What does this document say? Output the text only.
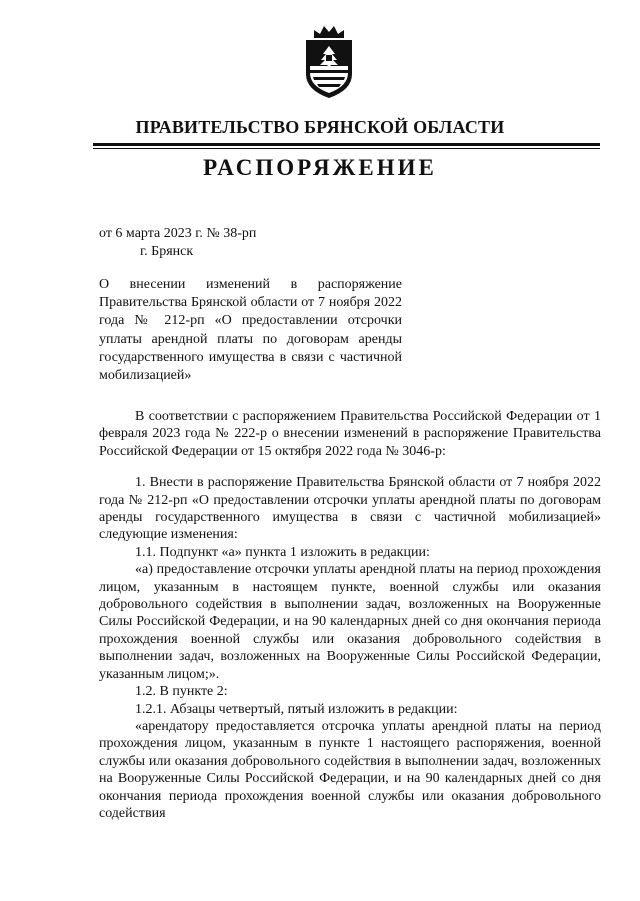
ПРАВИТЕЛЬСТВО БРЯНСКОЙ ОБЛАСТИ
РАСПОРЯЖЕНИЕ
от 6 марта 2023 г. № 38-рп
г. Брянск
О внесении изменений в распоряжение Правительства Брянской области от 7 ноября 2022 года № 212-рп «О предоставлении отсрочки уплаты арендной платы по договорам аренды государственного имущества в связи с частичной мобилизацией»

В соответствии с распоряжением Правительства Российской Федерации от 1 февраля 2023 года № 222-р о внесении изменений в распоряжение Правительства Российской Федерации от 15 октября 2022 года № 3046-р:

1. Внести в распоряжение Правительства Брянской области от 7 ноября 2022 года № 212-рп «О предоставлении отсрочки уплаты арендной платы по договорам аренды государственного имущества в связи с частичной мобилизацией» следующие изменения:

1.1. Подпункт «а» пункта 1 изложить в редакции:

«а) предоставление отсрочки уплаты арендной платы на период прохождения лицом, указанным в настоящем пункте, военной службы или оказания добровольного содействия в выполнении задач, возложенных на Вооруженные Силы Российской Федерации, и на 90 календарных дней со дня окончания периода прохождения военной службы или оказания добровольного содействия в выполнении задач, возложенных на Вооруженные Силы Российской Федерации, указанным лицом;».

1.2. В пункте 2:

1.2.1. Абзацы четвертый, пятый изложить в редакции:

«арендатору предоставляется отсрочка уплаты арендной платы на период прохождения лицом, указанным в пункте 1 настоящего распоряжения, военной службы или оказания добровольного содействия в выполнении задач, возложенных на Вооруженные Силы Российской Федерации, и на 90 календарных дней со дня окончания периода прохождения военной службы или оказания добровольного содействия
